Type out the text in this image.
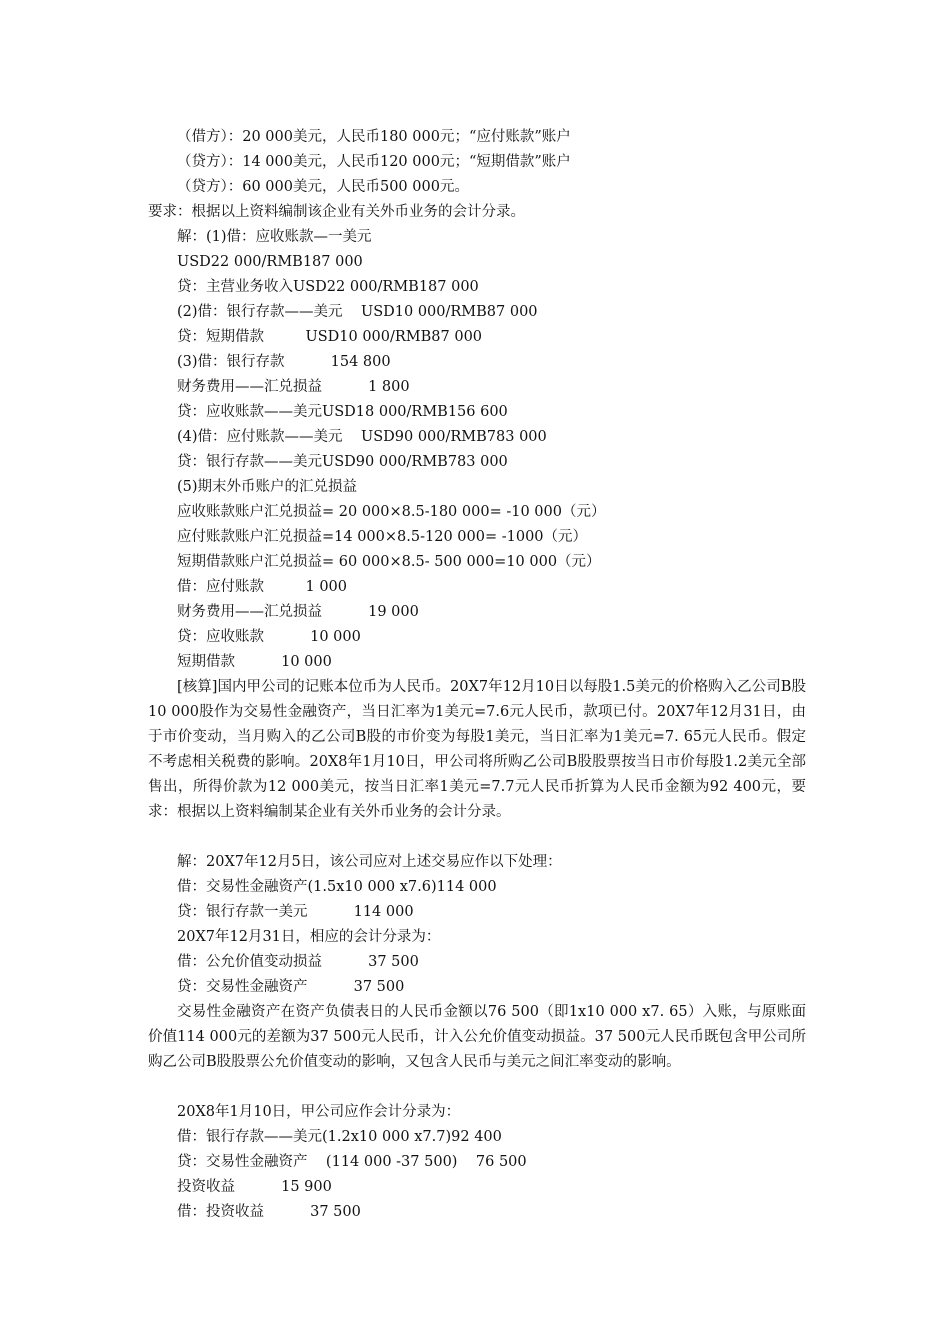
（借方）：20 000美元，人民币180 000元；“应付账款”账户

（贷方）：14 000美元，人民币120 000元；“短期借款”账户

（贷方）：60 000美元，人民币500 000元。

要求：根据以上资料编制该企业有关外币业务的会计分录。

解：(1)借：应收账款—一美元

USD22 000/RMB187 000

贷：主营业务收入USD22 000/RMB187 000

(2)借：银行存款——美元    USD10 000/RMB87 000

贷：短期借款         USD10 000/RMB87 000

(3)借：银行存款          154 800

财务费用——汇兑损益          1 800

贷：应收账款——美元USD18 000/RMB156 600

(4)借：应付账款——美元    USD90 000/RMB783 000

贷：银行存款——美元USD90 000/RMB783 000

(5)期末外币账户的汇兑损益

应收账款账户汇兑损益= 20 000×8.5-180 000= -10 000（元）

应付账款账户汇兑损益=14 000×8.5-120 000= -1000（元）

短期借款账户汇兑损益= 60 000×8.5- 500 000=10 000（元）

借：应付账款         1 000

财务费用——汇兑损益          19 000

贷：应收账款          10 000

短期借款          10 000

[核算]国内甲公司的记账本位币为人民币。20X7年12月10日以每股1.5美元的价格购入乙公司B股10 000股作为交易性金融资产，当日汇率为1美元=7.6元人民币，款项已付。20X7年12月31日，由于市价变动，当月购入的乙公司B股的市价变为每股1美元，当日汇率为1美元=7. 65元人民币。假定不考虑相关税费的影响。20X8年1月10日，甲公司将所购乙公司B股股票按当日市价每股1.2美元全部售出，所得价款为12 000美元，按当日汇率1美元=7.7元人民币折算为人民币金额为92 400元，要求：根据以上资料编制某企业有关外币业务的会计分录。

解：20X7年12月5日，该公司应对上述交易应作以下处理：

借：交易性金融资产(1.5x10 000 x7.6)114 000

贷：银行存款一美元          114 000

20X7年12月31日，相应的会计分录为：

借：公允价值变动损益          37 500

贷：交易性金融资产          37 500

交易性金融资产在资产负债表日的人民币金额以76 500（即1x10 000 x7. 65）入账，与原账面价值114 000元的差额为37 500元人民币，计入公允价值变动损益。37 500元人民币既包含甲公司所购乙公司B股股票公允价值变动的影响，又包含人民币与美元之间汇率变动的影响。

20X8年1月10日，甲公司应作会计分录为：

借：银行存款——美元(1.2x10 000 x7.7)92 400

贷：交易性金融资产    (114 000 -37 500)    76 500

投资收益          15 900

借：投资收益          37 500
